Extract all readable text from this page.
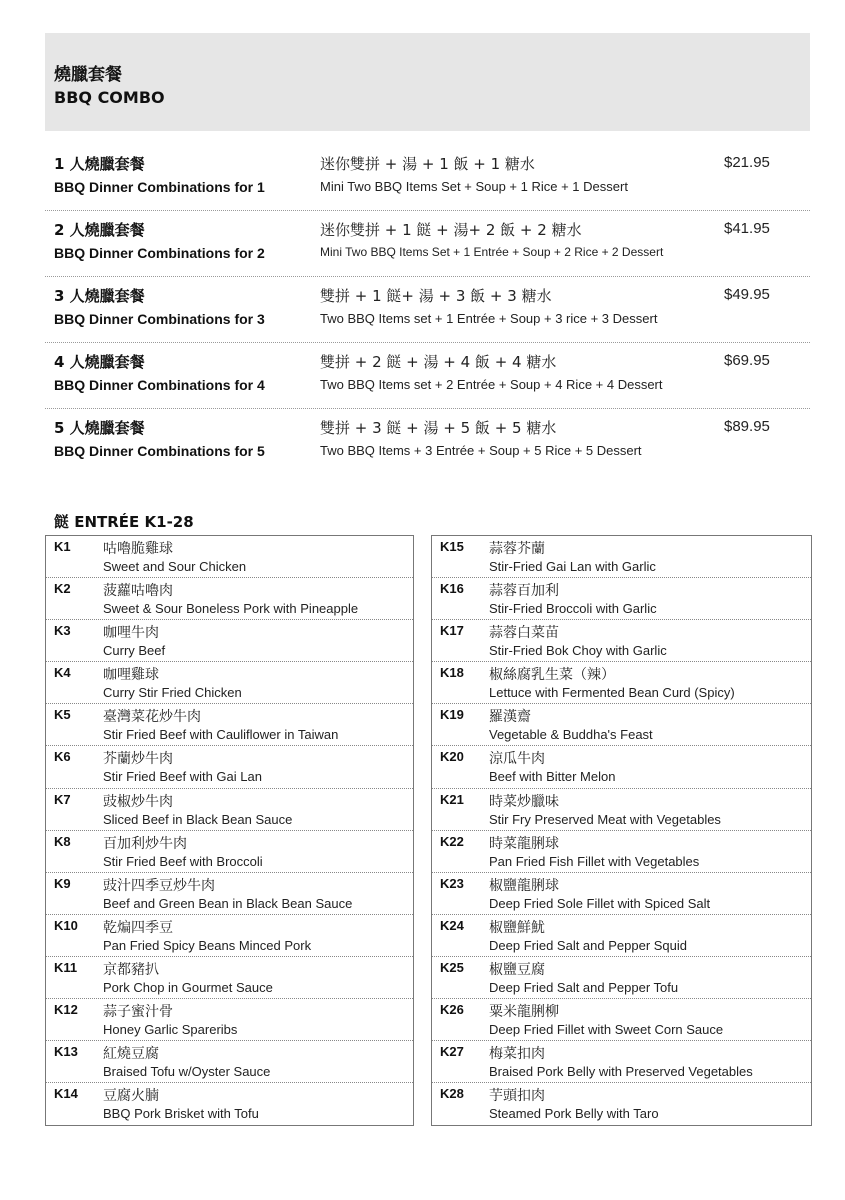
燒臘套餐
BBQ COMBO
1 人燒臘套餐
BBQ Dinner Combinations for 1
迷你雙拼 + 湯 + 1 飯 + 1 糖水
Mini Two BBQ Items Set + Soup + 1 Rice + 1 Dessert
$21.95
2 人燒臘套餐
BBQ Dinner Combinations for 2
迷你雙拼 + 1 餸 + 湯+ 2 飯 + 2 糖水
Mini Two BBQ Items Set + 1 Entrée + Soup + 2 Rice + 2 Dessert
$41.95
3 人燒臘套餐
BBQ Dinner Combinations for 3
雙拼 + 1 餸+ 湯 + 3 飯 + 3 糖水
Two BBQ Items set + 1 Entrée + Soup + 3 rice + 3 Dessert
$49.95
4 人燒臘套餐
BBQ Dinner Combinations for 4
雙拼 + 2 餸 + 湯 + 4 飯 + 4 糖水
Two BBQ Items set + 2 Entrée + Soup + 4 Rice + 4 Dessert
$69.95
5 人燒臘套餐
BBQ Dinner Combinations for 5
雙拼 + 3 餸 + 湯 + 5 飯 + 5 糖水
Two BBQ Items + 3 Entrée + Soup + 5 Rice + 5 Dessert
$89.95
餸 ENTRÉE K1-28
K1 咕嚕脆雞球
Sweet and Sour Chicken
K2 菠蘿咕嚕肉
Sweet & Sour Boneless Pork with Pineapple
K3 咖哩牛肉
Curry Beef
K4 咖哩雞球
Curry Stir Fried Chicken
K5 臺灣菜花炒牛肉
Stir Fried Beef with Cauliflower in Taiwan
K6 芥蘭炒牛肉
Stir Fried Beef with Gai Lan
K7 豉椒炒牛肉
Sliced Beef in Black Bean Sauce
K8 百加利炒牛肉
Stir Fried Beef with Broccoli
K9 豉汁四季豆炒牛肉
Beef and Green Bean in Black Bean Sauce
K10 乾煸四季豆
Pan Fried Spicy Beans Minced Pork
K11 京都豬扒
Pork Chop in Gourmet Sauce
K12 蒜子蜜汁骨
Honey Garlic Spareribs
K13 紅燒豆腐
Braised Tofu w/Oyster Sauce
K14 豆腐火腩
BBQ Pork Brisket with Tofu
K15 蒜蓉芥蘭
Stir-Fried Gai Lan with Garlic
K16 蒜蓉百加利
Stir-Fried Broccoli with Garlic
K17 蒜蓉白菜苗
Stir-Fried Bok Choy with Garlic
K18 椒絲腐乳生菜（辣）
Lettuce with Fermented Bean Curd (Spicy)
K19 羅漢齋
Vegetable & Buddha's Feast
K20 涼瓜牛肉
Beef with Bitter Melon
K21 時菜炒臘味
Stir Fry Preserved Meat with Vegetables
K22 時菜龍脷球
Pan Fried Fish Fillet with Vegetables
K23 椒鹽龍脷球
Deep Fried Sole Fillet with Spiced Salt
K24 椒鹽鮮魷
Deep Fried Salt and Pepper Squid
K25 椒鹽豆腐
Deep Fried Salt and Pepper Tofu
K26 粟米龍脷柳
Deep Fried Fillet with Sweet Corn Sauce
K27 梅菜扣肉
Braised Pork Belly with Preserved Vegetables
K28 芋頭扣肉
Steamed Pork Belly with Taro
